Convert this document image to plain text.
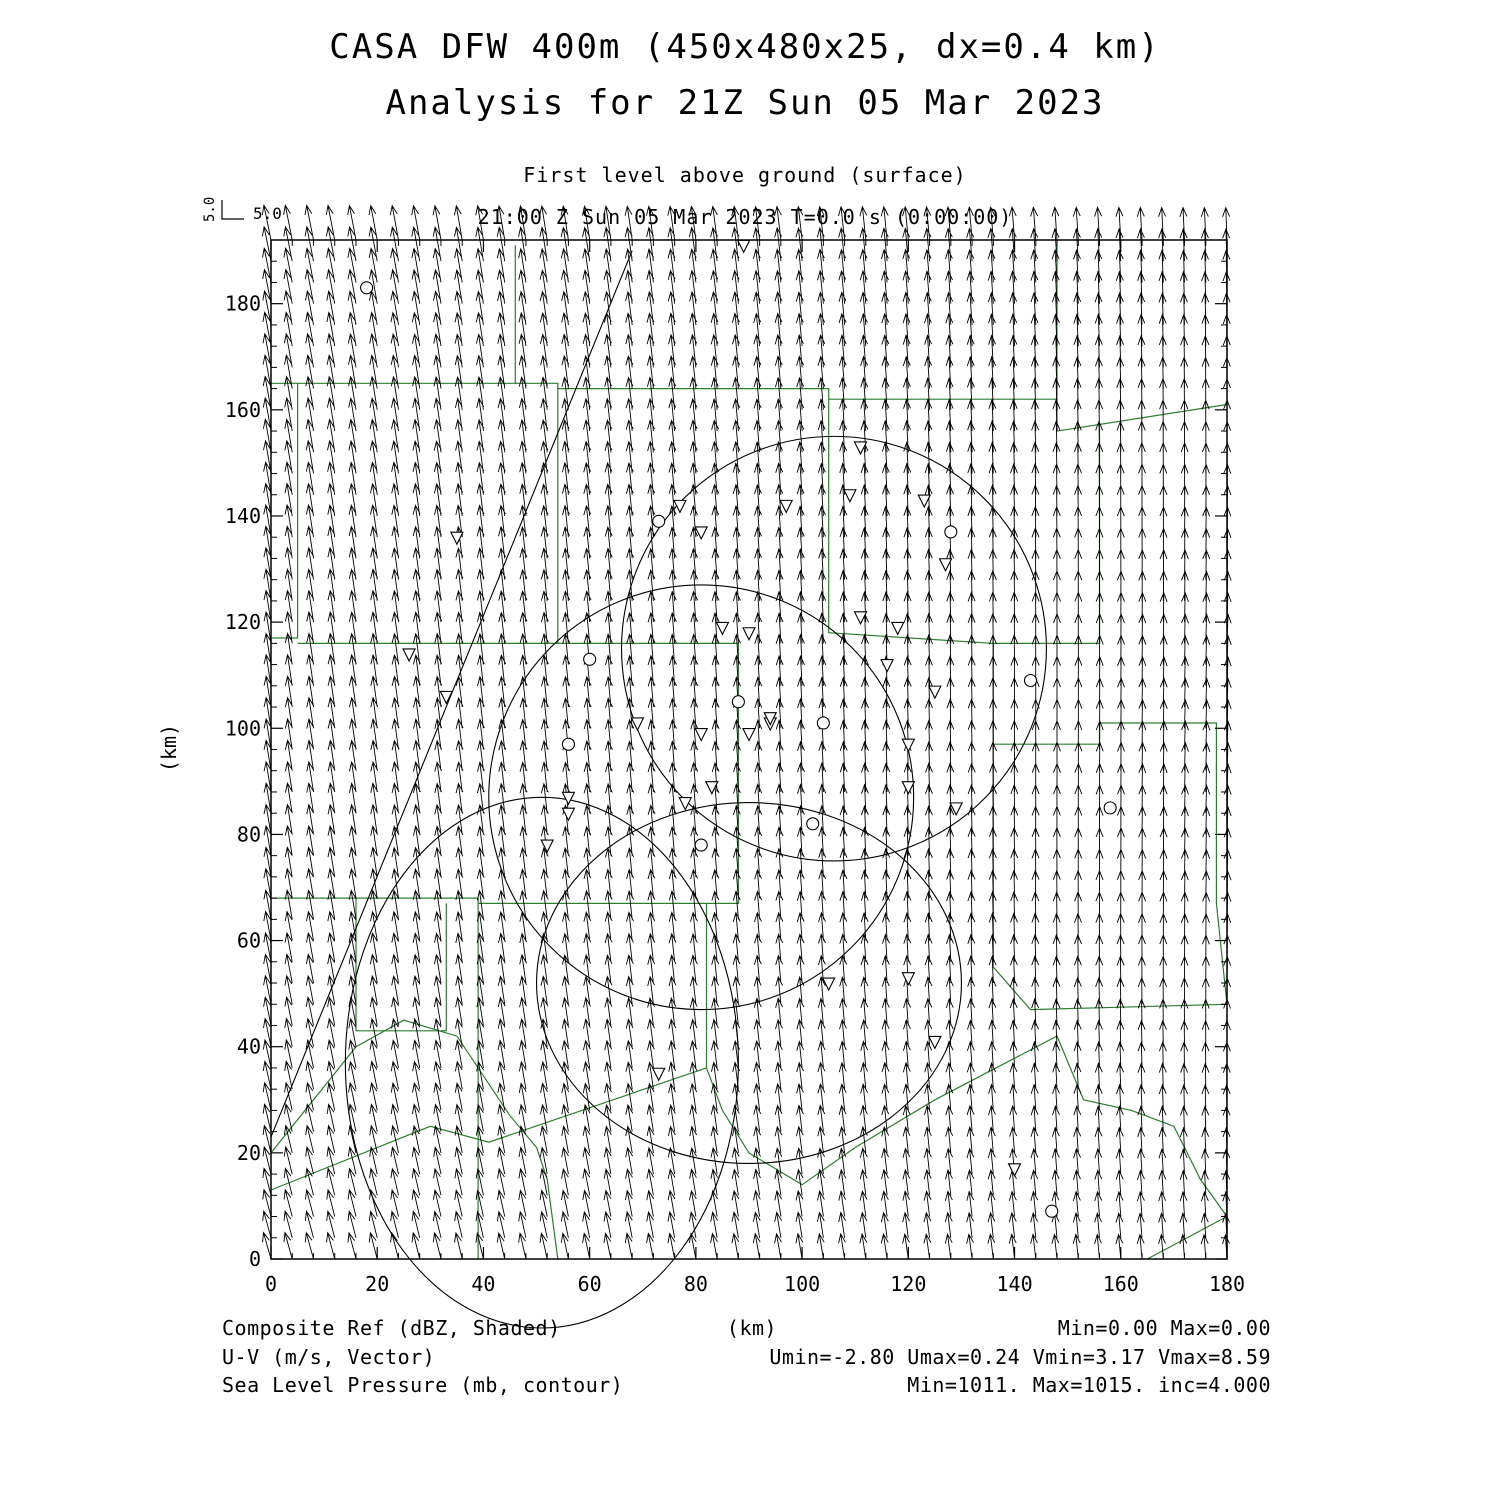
CASA DFW 400m (450x480x25, dx=0.4 km)
Analysis for 21Z Sun 05 Mar 2023
First level above ground (surface)
21:00 Z Sun 05 Mar 2023 T=0.0 s (0:00:00)
5.0 5.0
0	20	40	60	80	100	120	140	160	180
0
20
40
60
80
100
120
140
160
180
(km)
Composite Ref (dBZ, Shaded)	(km)	Min=0.00 Max=0.00
U-V (m/s, Vector)	Umin=-2.80 Umax=0.24 Vmin=3.17 Vmax=8.59
Sea Level Pressure (mb, contour)	Min=1011. Max=1015. inc=4.000
